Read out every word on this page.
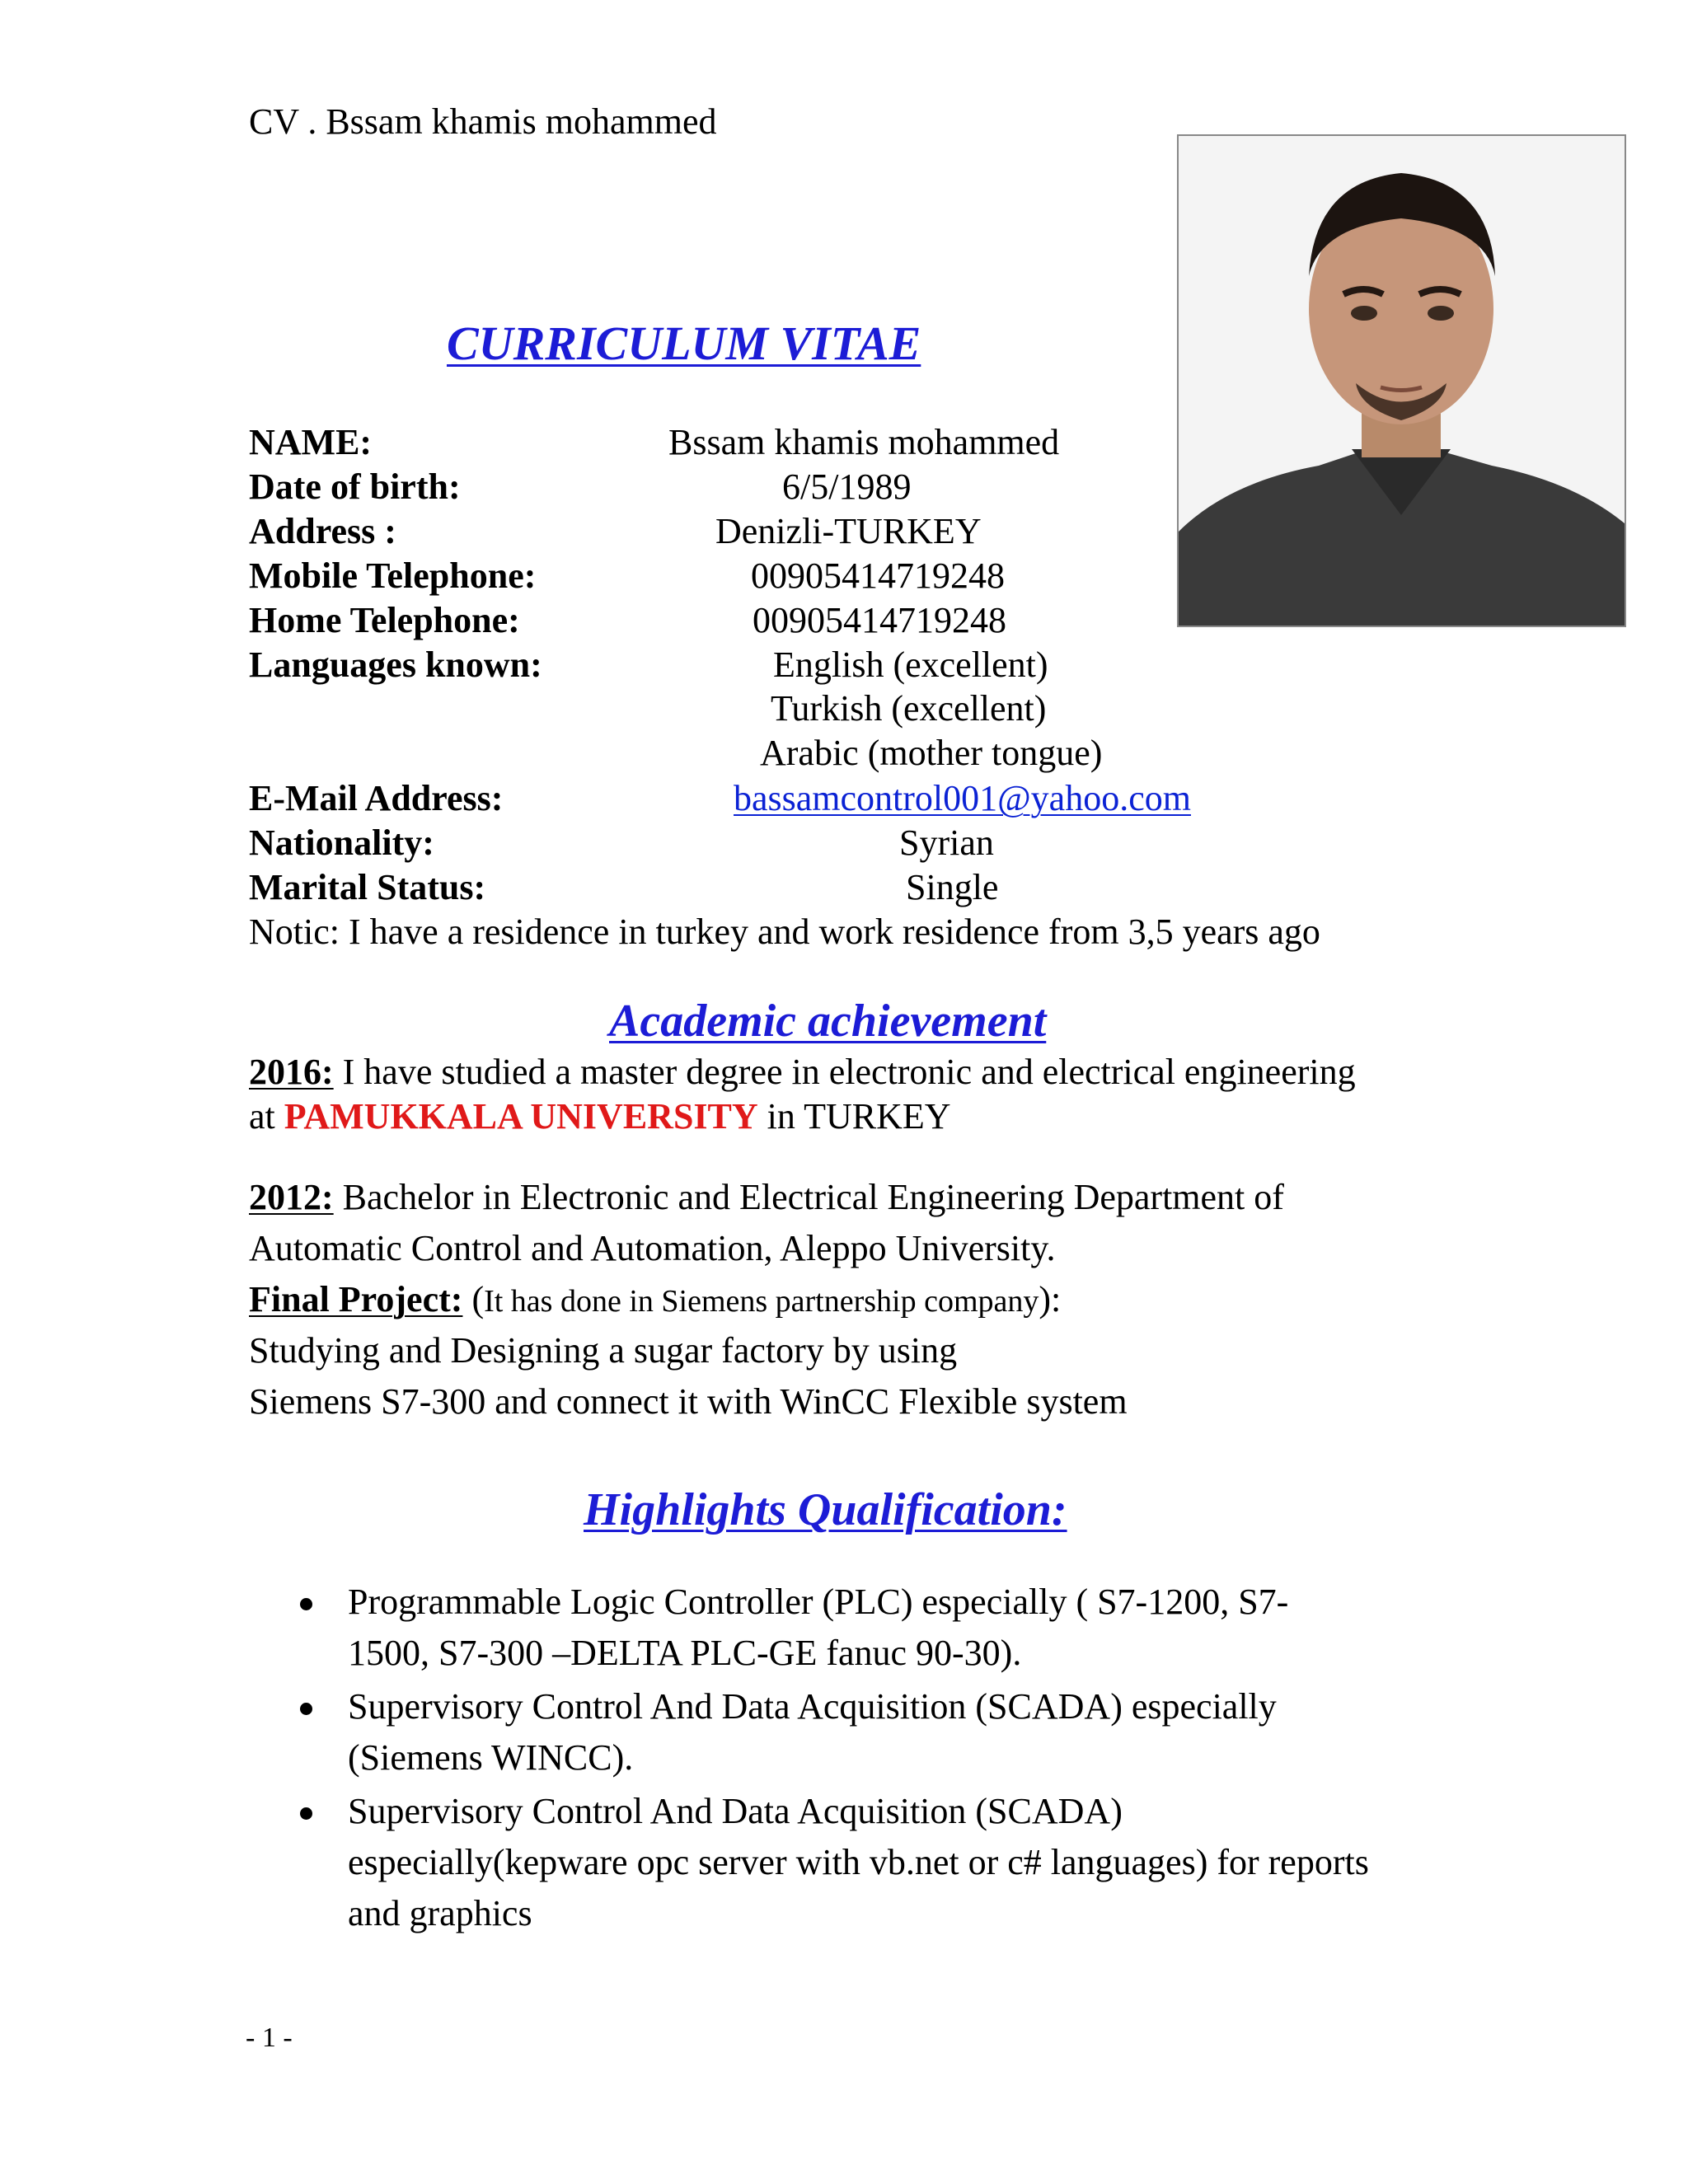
CV . Bssam khamis mohammed
CURRICULUM VITAE
NAME:	Bssam khamis mohammed
Date of birth:	6/5/1989
Address :	Denizli-TURKEY
Mobile Telephone:	00905414719248
Home Telephone:	00905414719248
Languages known:	English (excellent)
Turkish (excellent)
Arabic (mother tongue)
E-Mail Address:	bassamcontrol001@yahoo.com
Nationality:	Syrian
Marital Status:	Single
Notic: I have a residence in turkey and work residence from 3,5 years ago
Academic achievement
2016: I have studied a master degree in electronic and electrical engineering
at PAMUKKALA UNIVERSITY in TURKEY
2012: Bachelor in Electronic and Electrical Engineering Department of
Automatic Control and Automation, Aleppo University.
Final Project: (It has done in Siemens partnership company):
Studying and Designing a sugar factory by using
Siemens S7-300 and connect it with WinCC Flexible system
Highlights Qualification:
Programmable Logic Controller (PLC) especially ( S7-1200, S7-
1500, S7-300 –DELTA PLC-GE fanuc 90-30).
Supervisory Control And Data Acquisition (SCADA) especially
(Siemens WINCC).
Supervisory Control And Data Acquisition (SCADA)
especially(kepware opc server with vb.net or c# languages) for reports
and graphics
- 1 -
